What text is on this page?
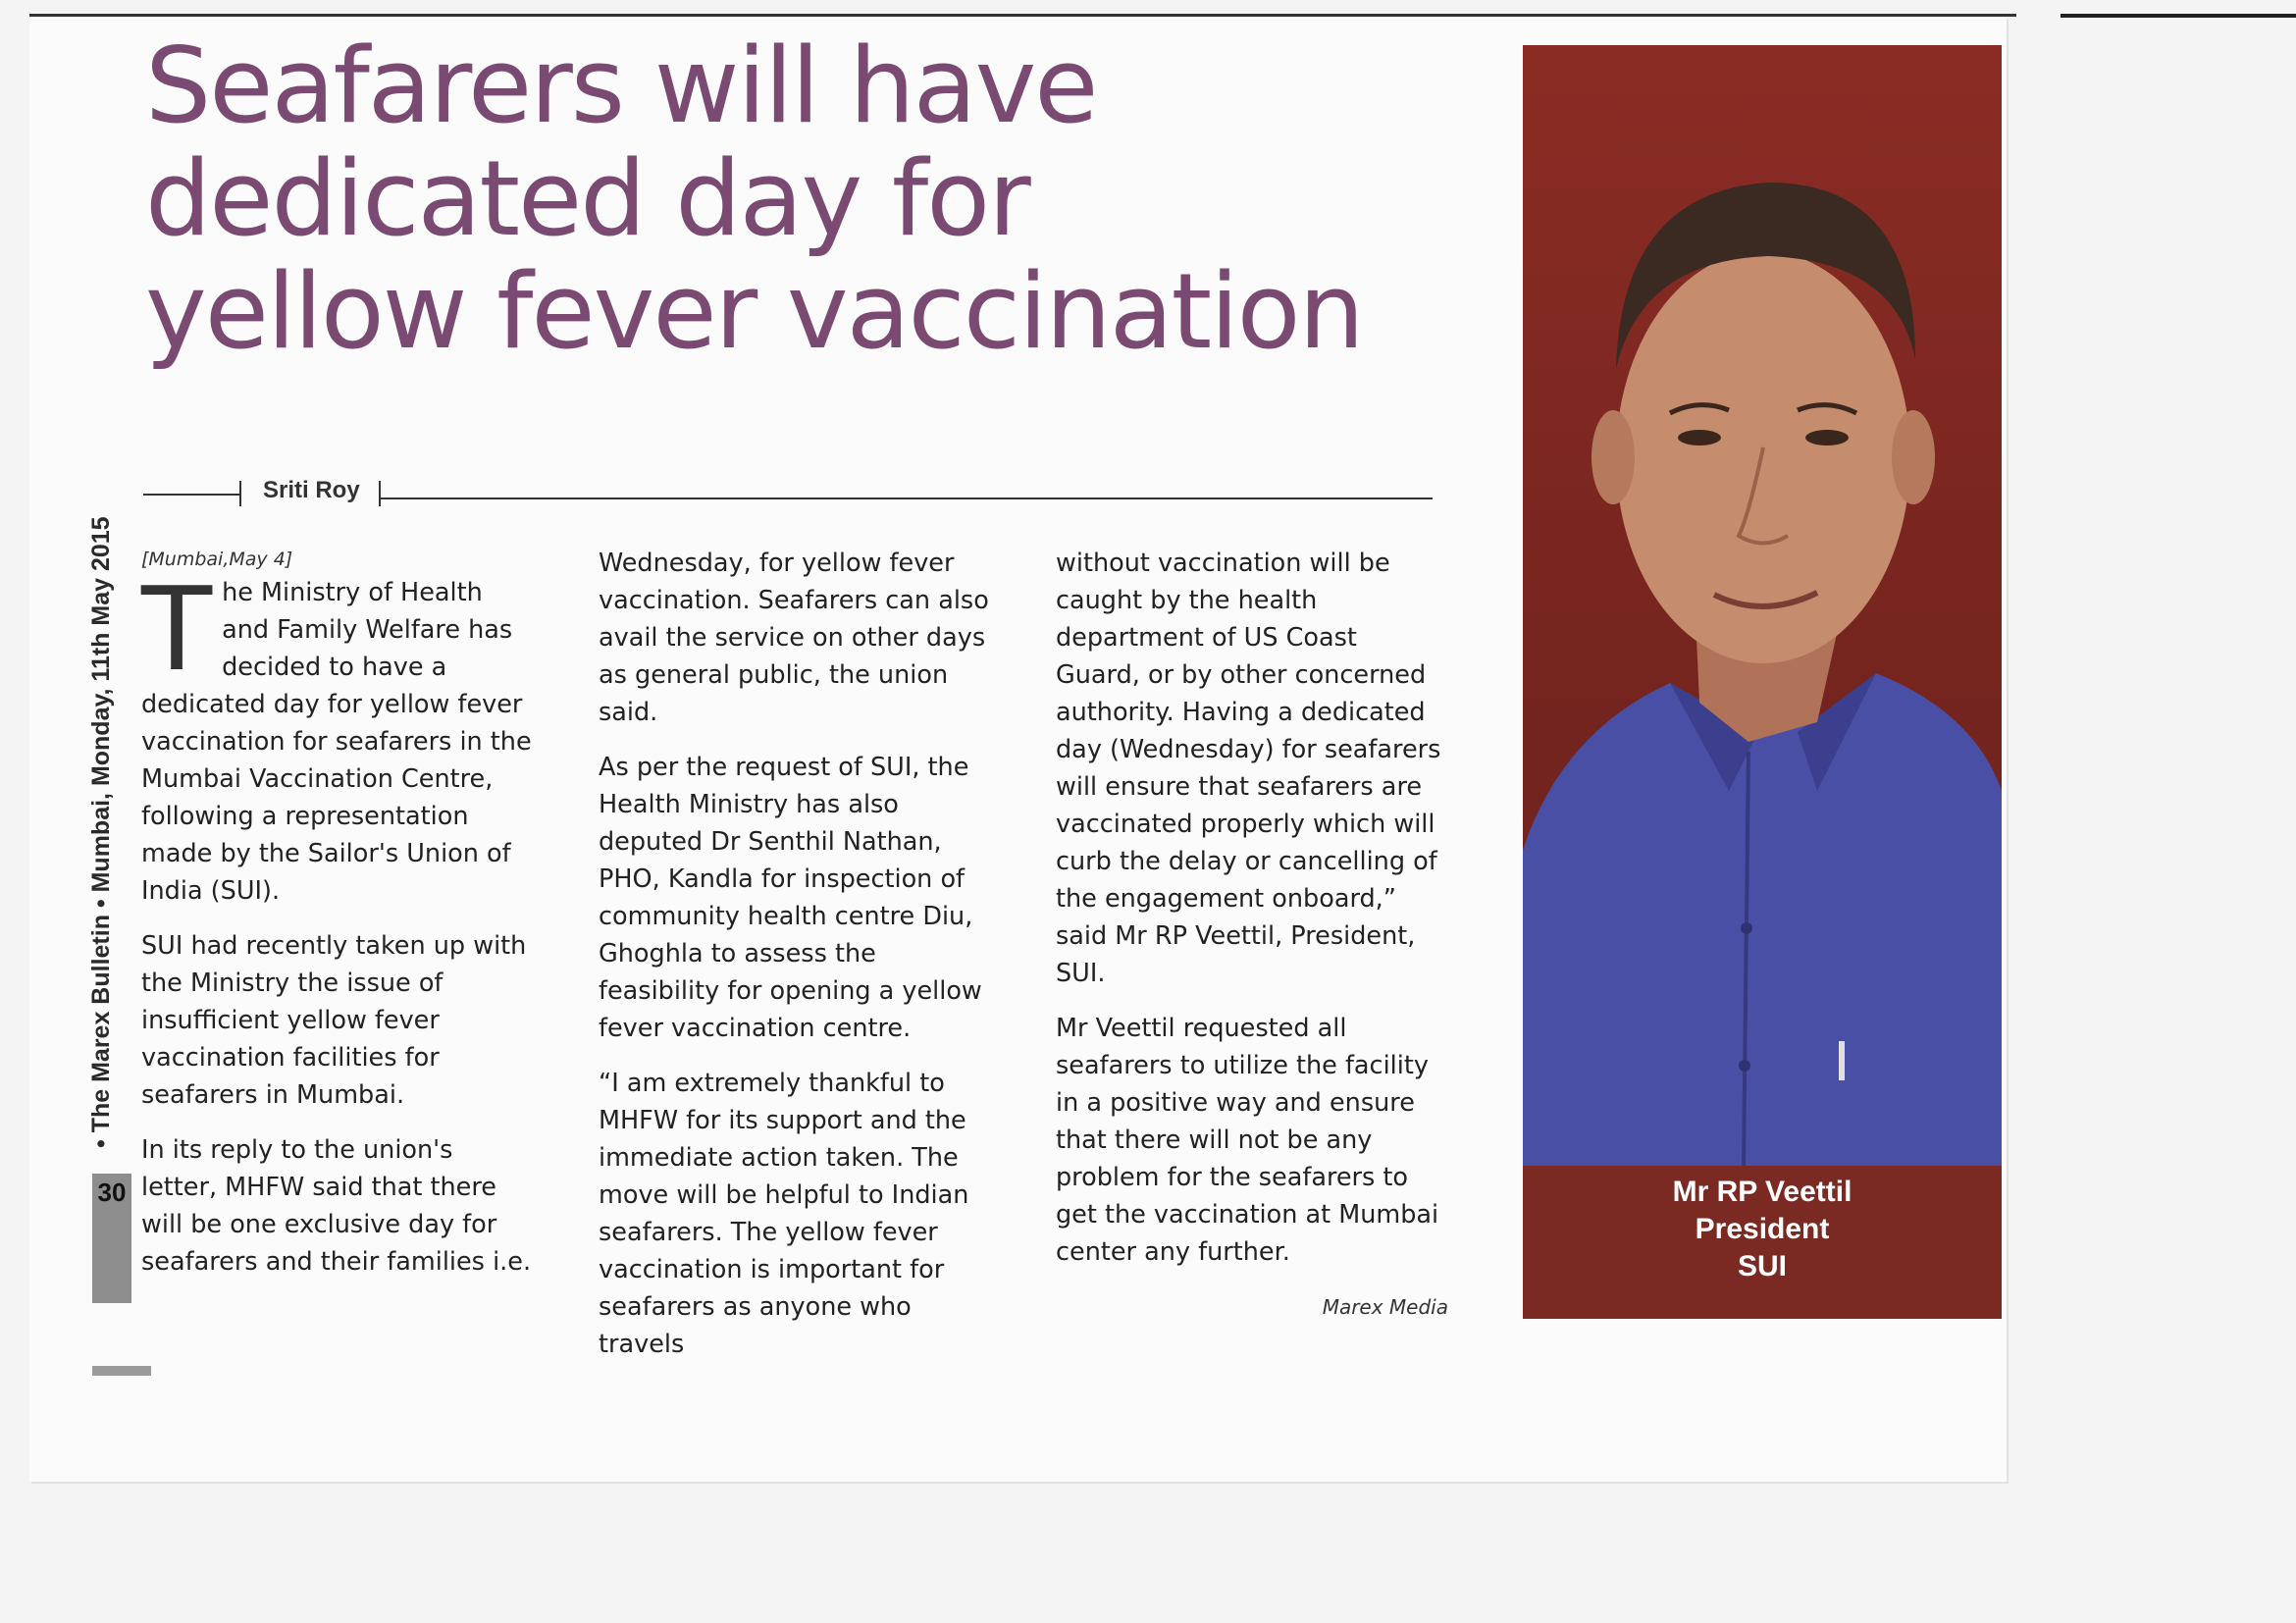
Seafarers will have
dedicated day for
yellow fever vaccination
Sriti Roy
• The Marex Bulletin • Mumbai, Monday, 11th May 2015
30
[Mumbai,May 4]

The Ministry of Health and Family Welfare has decided to have a dedicated day for yellow fever vaccination for seafarers in the Mumbai Vaccination Centre, following a representation made by the Sailor's Union of India (SUI).

SUI had recently taken up with the Ministry the issue of insufficient yellow fever vaccination facilities for seafarers in Mumbai.

In its reply to the union's letter, MHFW said that there will be one exclusive day for seafarers and their families i.e.

Wednesday, for yellow fever vaccination. Seafarers can also avail the service on other days as general public, the union said.

As per the request of SUI, the Health Ministry has also deputed Dr Senthil Nathan, PHO, Kandla for inspection of community health centre Diu, Ghoghla to assess the feasibility for opening a yellow fever vaccination centre.

“I am extremely thankful to MHFW for its support and the immediate action taken. The move will be helpful to Indian seafarers. The yellow fever vaccination is important for seafarers as anyone who travels

without vaccination will be caught by the health department of US Coast Guard, or by other concerned authority. Having a dedicated day (Wednesday) for seafarers will ensure that seafarers are vaccinated properly which will curb the delay or cancelling of the engagement onboard,” said Mr RP Veettil, President, SUI.

Mr Veettil requested all seafarers to utilize the facility in a positive way and ensure that there will not be any problem for the seafarers to get the vaccination at Mumbai center any further.

Marex Media
Mr RP Veettil
President
SUI
